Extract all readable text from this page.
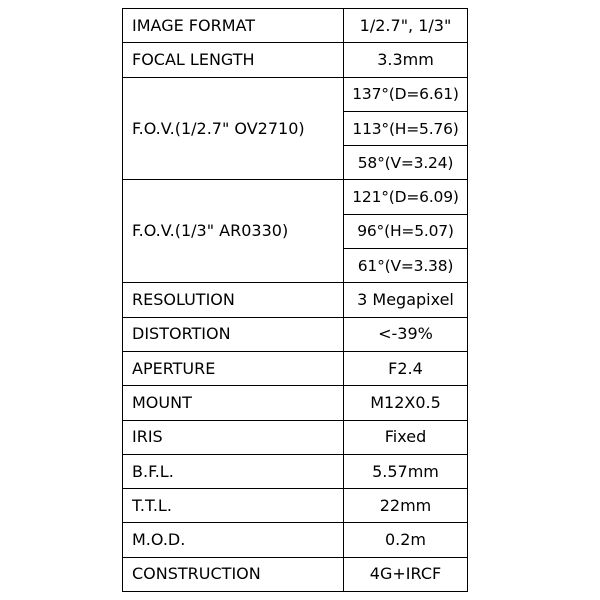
IMAGE FORMAT	1/2.7", 1/3"
FOCAL LENGTH	3.3mm
F.O.V.(1/2.7" OV2710)	137°(D=6.61)
	113°(H=5.76)
	58°(V=3.24)
F.O.V.(1/3" AR0330)	121°(D=6.09)
	96°(H=5.07)
	61°(V=3.38)
RESOLUTION	3 Megapixel
DISTORTION	<-39%
APERTURE	F2.4
MOUNT	M12X0.5
IRIS	Fixed
B.F.L.	5.57mm
T.T.L.	22mm
M.O.D.	0.2m
CONSTRUCTION	4G+IRCF
